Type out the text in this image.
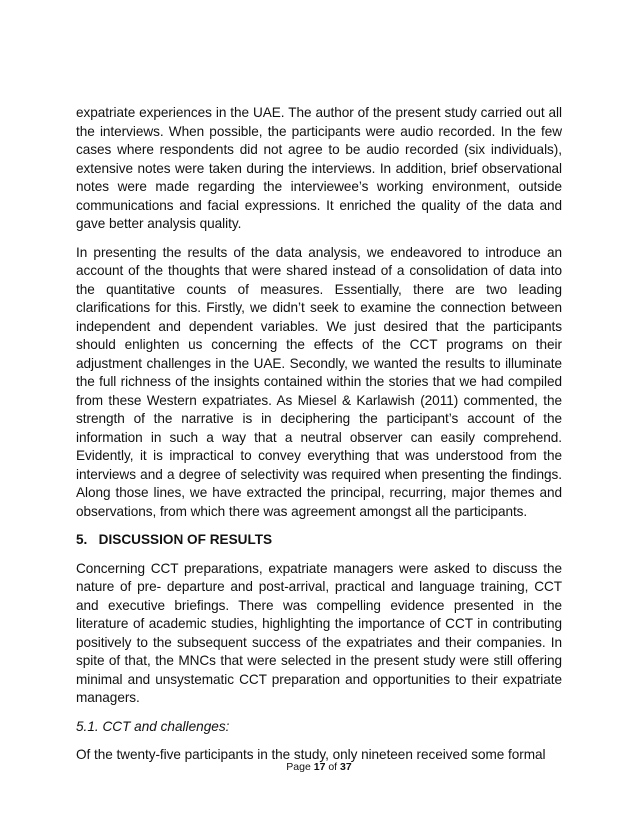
expatriate experiences in the UAE. The author of the present study carried out all the interviews. When possible, the participants were audio recorded. In the few cases where respondents did not agree to be audio recorded (six individuals), extensive notes were taken during the interviews. In addition, brief observational notes were made regarding the interviewee’s working environment, outside communications and facial expressions. It enriched the quality of the data and gave better analysis quality.

In presenting the results of the data analysis, we endeavored to introduce an account of the thoughts that were shared instead of a consolidation of data into the quantitative counts of measures. Essentially, there are two leading clarifications for this. Firstly, we didn’t seek to examine the connection between independent and dependent variables. We just desired that the participants should enlighten us concerning the effects of the CCT programs on their adjustment challenges in the UAE. Secondly, we wanted the results to illuminate the full richness of the insights contained within the stories that we had compiled from these Western expatriates. As Miesel & Karlawish (2011) commented, the strength of the narrative is in deciphering the participant’s account of the information in such a way that a neutral observer can easily comprehend. Evidently, it is impractical to convey everything that was understood from the interviews and a degree of selectivity was required when presenting the findings. Along those lines, we have extracted the principal, recurring, major themes and observations, from which there was agreement amongst all the participants.

5.   DISCUSSION OF RESULTS

Concerning CCT preparations, expatriate managers were asked to discuss the nature of pre- departure and post-arrival, practical and language training, CCT and executive briefings. There was compelling evidence presented in the literature of academic studies, highlighting the importance of CCT in contributing positively to the subsequent success of the expatriates and their companies. In spite of that, the MNCs that were selected in the present study were still offering minimal and unsystematic CCT preparation and opportunities to their expatriate managers.

5.1. CCT and challenges:

Of the twenty-five participants in the study, only nineteen received some formal

Page 17 of 37
